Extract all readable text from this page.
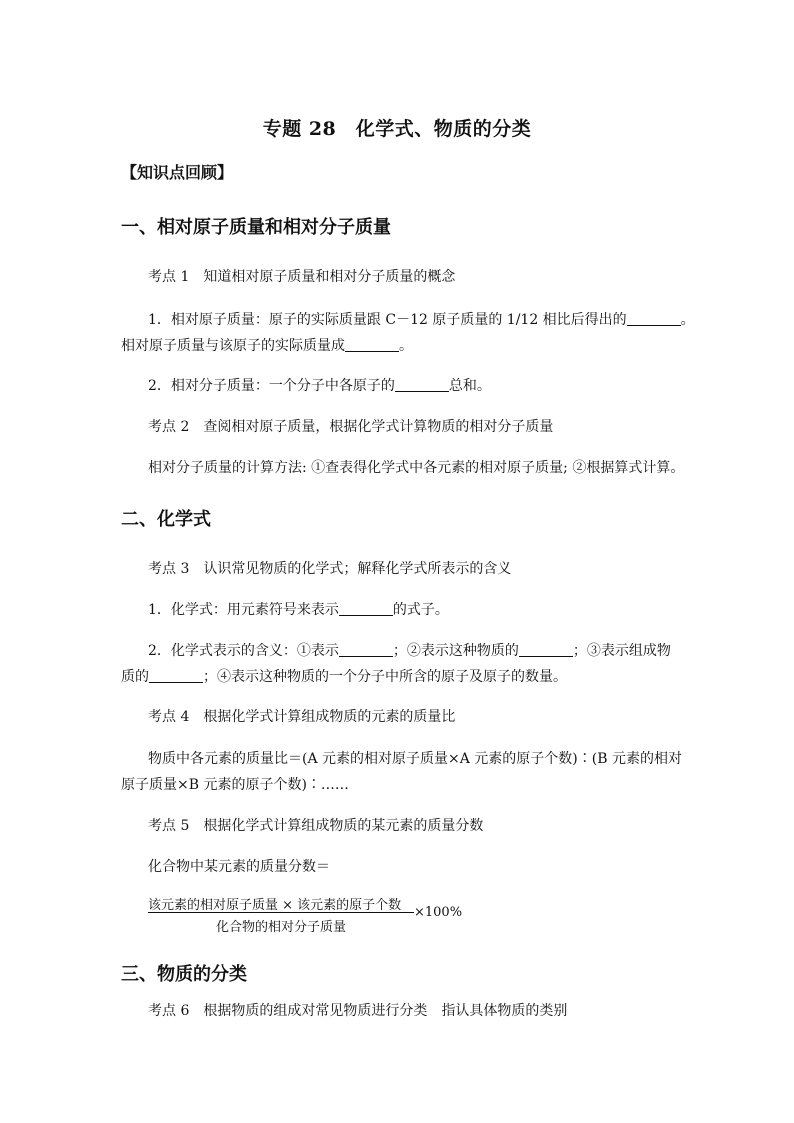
专题 28　化学式、物质的分类
【知识点回顾】
一、相对原子质量和相对分子质量
考点 1 知道相对原子质量和相对分子质量的概念
1．相对原子质量：原子的实际质量跟 C－12 原子质量的 1/12 相比后得出的	。
相对原子质量与该原子的实际质量成	。
2．相对分子质量：一个分子中各原子的	总和。
考点 2 查阅相对原子质量，根据化学式计算物质的相对分子质量
相对分子质量的计算方法: ①查表得化学式中各元素的相对原子质量; ②根据算式计算。
二、化学式
考点 3 认识常见物质的化学式；解释化学式所表示的含义
1．化学式：用元素符号来表示	的式子。
2．化学式表示的含义：①表示	；②表示这种物质的	；③表示组成物
质的	；④表示这种物质的一个分子中所含的原子及原子的数量。
考点 4 根据化学式计算组成物质的元素的质量比
物质中各元素的质量比＝(A 元素的相对原子质量×A 元素的原子个数)∶(B 元素的相对
原子质量×B 元素的原子个数)∶……
考点 5 根据化学式计算组成物质的某元素的质量分数
化合物中某元素的质量分数＝
该元素的相对原子质量 × 该元素的原子个数
化合物的相对分子质量
×100%
三、物质的分类
考点 6 根据物质的组成对常见物质进行分类　指认具体物质的类别
